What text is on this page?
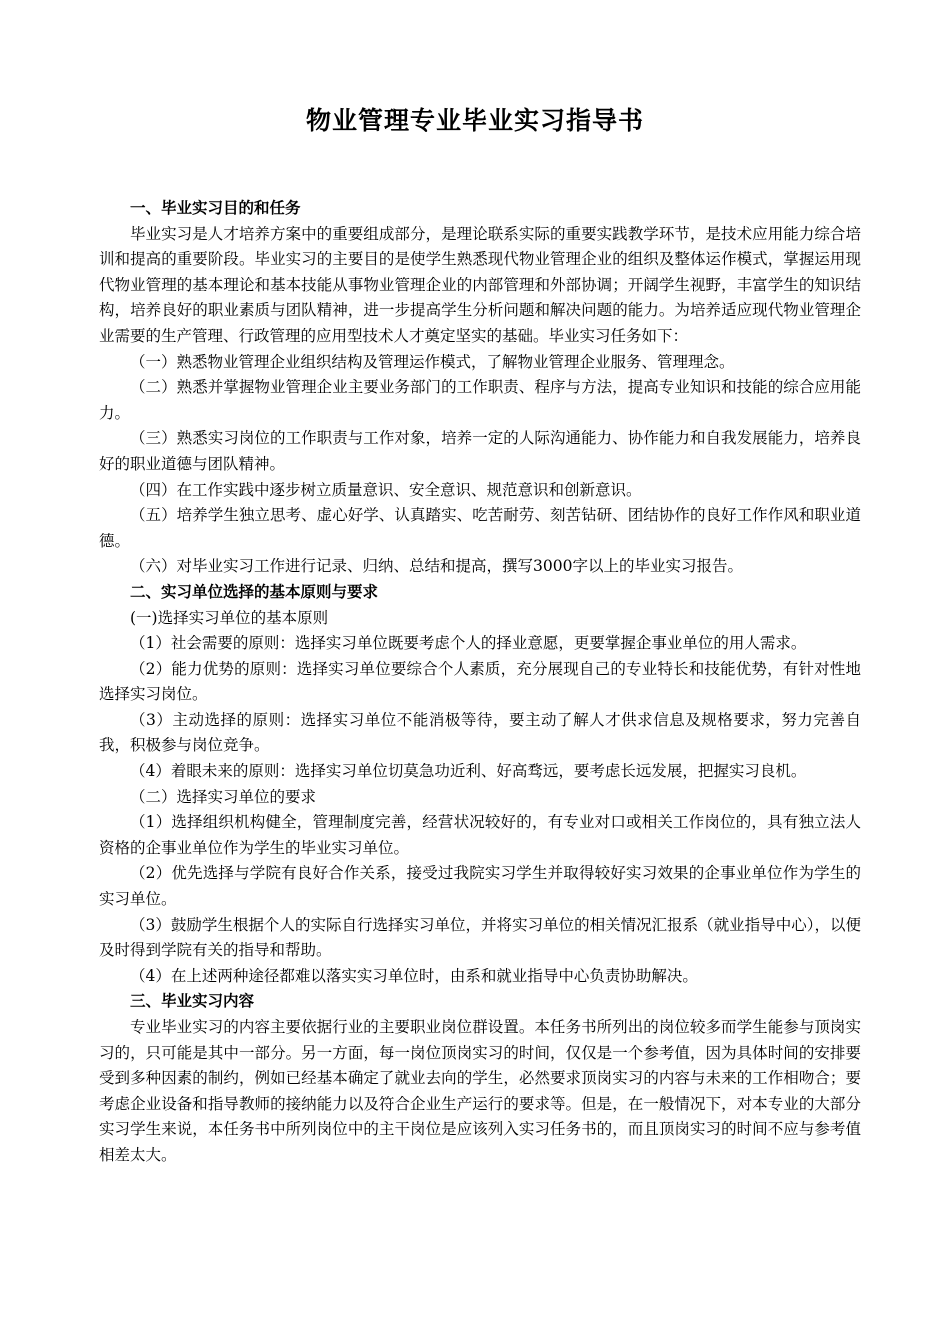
物业管理专业毕业实习指导书

一、毕业实习目的和任务

毕业实习是人才培养方案中的重要组成部分，是理论联系实际的重要实践教学环节，是技术应用能力综合培训和提高的重要阶段。毕业实习的主要目的是使学生熟悉现代物业管理企业的组织及整体运作模式，掌握运用现代物业管理的基本理论和基本技能从事物业管理企业的内部管理和外部协调；开阔学生视野，丰富学生的知识结构，培养良好的职业素质与团队精神，进一步提高学生分析问题和解决问题的能力。为培养适应现代物业管理企业需要的生产管理、行政管理的应用型技术人才奠定坚实的基础。毕业实习任务如下：

（一）熟悉物业管理企业组织结构及管理运作模式，了解物业管理企业服务、管理理念。

（二）熟悉并掌握物业管理企业主要业务部门的工作职责、程序与方法，提高专业知识和技能的综合应用能力。

（三）熟悉实习岗位的工作职责与工作对象，培养一定的人际沟通能力、协作能力和自我发展能力，培养良好的职业道德与团队精神。

（四）在工作实践中逐步树立质量意识、安全意识、规范意识和创新意识。

（五）培养学生独立思考、虚心好学、认真踏实、吃苦耐劳、刻苦钻研、团结协作的良好工作作风和职业道德。

（六）对毕业实习工作进行记录、归纳、总结和提高，撰写3000字以上的毕业实习报告。

二、实习单位选择的基本原则与要求

(一)选择实习单位的基本原则

（1）社会需要的原则：选择实习单位既要考虑个人的择业意愿，更要掌握企事业单位的用人需求。

（2）能力优势的原则：选择实习单位要综合个人素质，充分展现自己的专业特长和技能优势，有针对性地选择实习岗位。

（3）主动选择的原则：选择实习单位不能消极等待，要主动了解人才供求信息及规格要求，努力完善自我，积极参与岗位竞争。

（4）着眼未来的原则：选择实习单位切莫急功近利、好高骛远，要考虑长远发展，把握实习良机。

（二）选择实习单位的要求

（1）选择组织机构健全，管理制度完善，经营状况较好的，有专业对口或相关工作岗位的，具有独立法人资格的企事业单位作为学生的毕业实习单位。

（2）优先选择与学院有良好合作关系，接受过我院实习学生并取得较好实习效果的企事业单位作为学生的实习单位。

（3）鼓励学生根据个人的实际自行选择实习单位，并将实习单位的相关情况汇报系（就业指导中心），以便及时得到学院有关的指导和帮助。

（4）在上述两种途径都难以落实实习单位时，由系和就业指导中心负责协助解决。

三、毕业实习内容

专业毕业实习的内容主要依据行业的主要职业岗位群设置。本任务书所列出的岗位较多而学生能参与顶岗实习的，只可能是其中一部分。另一方面，每一岗位顶岗实习的时间，仅仅是一个参考值，因为具体时间的安排要受到多种因素的制约，例如已经基本确定了就业去向的学生，必然要求顶岗实习的内容与未来的工作相吻合；要考虑企业设备和指导教师的接纳能力以及符合企业生产运行的要求等。但是，在一般情况下，对本专业的大部分实习学生来说，本任务书中所列岗位中的主干岗位是应该列入实习任务书的，而且顶岗实习的时间不应与参考值相差太大。
